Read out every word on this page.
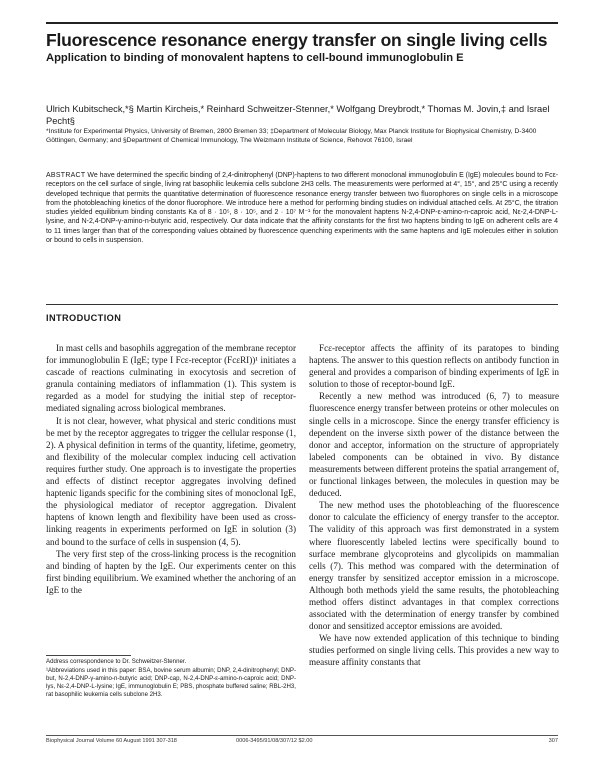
Fluorescence resonance energy transfer on single living cells
Application to binding of monovalent haptens to cell-bound immunoglobulin E
Ulrich Kubitscheck,*§ Martin Kircheis,* Reinhard Schweitzer-Stenner,* Wolfgang Dreybrodt,* Thomas M. Jovin,‡ and Israel Pecht§
*Institute for Experimental Physics, University of Bremen, 2800 Bremen 33; ‡Department of Molecular Biology, Max Planck Institute for Biophysical Chemistry, D-3400 Göttingen, Germany; and §Department of Chemical Immunology, The Weizmann Institute of Science, Rehovot 76100, Israel
ABSTRACT We have determined the specific binding of 2,4-dinitrophenyl (DNP)-haptens to two different monoclonal immunoglobulin E (IgE) molecules bound to Fcε-receptors on the cell surface of single, living rat basophilic leukemia cells subclone 2H3 cells. The measurements were performed at 4°, 15°, and 25°C using a recently developed technique that permits the quantitative determination of fluorescence resonance energy transfer between two fluorophores on single cells in a microscope from the photobleaching kinetics of the donor fluorophore. We introduce here a method for performing binding studies on individual attached cells. At 25°C, the titration studies yielded equilibrium binding constants Ka of 8 · 10⁵, 8 · 10⁵, and 2 · 10⁷ M⁻¹ for the monovalent haptens N-2,4-DNP-ε-amino-n-caproic acid, Nε-2,4-DNP-L-lysine, and N-2,4-DNP-γ-amino-n-butyric acid, respectively. Our data indicate that the affinity constants for the first two haptens binding to IgE on adherent cells are 4 to 11 times larger than that of the corresponding values obtained by fluorescence quenching experiments with the same haptens and IgE molecules either in solution or bound to cells in suspension.
INTRODUCTION

In mast cells and basophils aggregation of the membrane receptor for immunoglobulin E (IgE; type I Fcε-receptor (FcεRI))¹ initiates a cascade of reactions culminating in exocytosis and secretion of granula containing mediators of inflammation (1). This system is regarded as a model for studying the initial step of receptor-mediated signaling across biological membranes.

It is not clear, however, what physical and steric conditions must be met by the receptor aggregates to trigger the cellular response (1, 2). A physical definition in terms of the quantity, lifetime, geometry, and flexibility of the molecular complex inducing cell activation requires further study. One approach is to investigate the properties and effects of distinct receptor aggregates involving defined haptenic ligands specific for the combining sites of monoclonal IgE, the physiological mediator of receptor aggregation. Divalent haptens of known length and flexibility have been used as cross-linking reagents in experiments performed on IgE in solution (3) and bound to the surface of cells in suspension (4, 5).

The very first step of the cross-linking process is the recognition and binding of hapten by the IgE. Our experiments center on this first binding equilibrium. We examined whether the anchoring of an IgE to the

Fcε-receptor affects the affinity of its paratopes to binding haptens. The answer to this question reflects on antibody function in general and provides a comparison of binding experiments of IgE in solution to those of receptor-bound IgE.

Recently a new method was introduced (6, 7) to measure fluorescence energy transfer between proteins or other molecules on single cells in a microscope. Since the energy transfer efficiency is dependent on the inverse sixth power of the distance between the donor and acceptor, information on the structure of appropriately labeled components can be obtained in vivo. By distance measurements between different proteins the spatial arrangement of, or functional linkages between, the molecules in question may be deduced.

The new method uses the photobleaching of the fluorescence donor to calculate the efficiency of energy transfer to the acceptor. The validity of this approach was first demonstrated in a system where fluorescently labeled lectins were specifically bound to surface membrane glycoproteins and glycolipids on mammalian cells (7). This method was compared with the determination of energy transfer by sensitized acceptor emission in a microscope. Although both methods yield the same results, the photobleaching method offers distinct advantages in that complex corrections associated with the determination of energy transfer by combined donor and sensitized acceptor emissions are avoided.

We have now extended application of this technique to binding studies performed on single living cells. This provides a new way to measure affinity constants that

Address correspondence to Dr. Schweitzer-Stenner.
¹Abbreviations used in this paper: BSA, bovine serum albumin; DNP, 2,4-dinitrophenyl; DNP-but, N-2,4-DNP-γ-amino-n-butyric acid; DNP-cap, N-2,4-DNP-ε-amino-n-caproic acid; DNP-lys, Nε-2,4-DNP-L-lysine; IgE, immunoglobulin E; PBS, phosphate buffered saline; RBL-2H3, rat basophilic leukemia cells subclone 2H3.
Biophysical Journal Volume 60 August 1991 307-318	0006-3495/91/08/307/12 $2.00	307
